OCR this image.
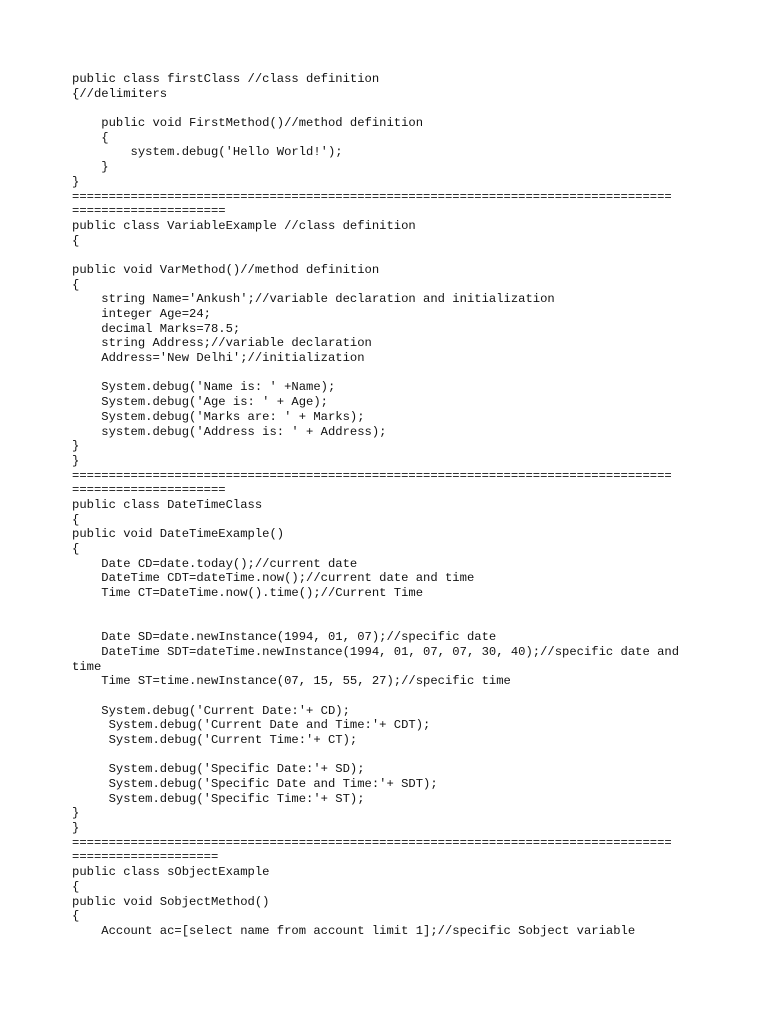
public class firstClass //class definition
{//delimiters
public void FirstMethod()//method definition
{
system.debug('Hello World!');
}
}
==================================================================================
=====================
public class VariableExample //class definition
{
public void VarMethod()//method definition
{
string Name='Ankush';//variable declaration and initialization
integer Age=24;
decimal Marks=78.5;
string Address;//variable declaration
Address='New Delhi';//initialization
System.debug('Name is: ' +Name);
System.debug('Age is: ' + Age);
System.debug('Marks are: ' + Marks);
system.debug('Address is: ' + Address);
}
}
==================================================================================
=====================
public class DateTimeClass
{
public void DateTimeExample()
{
Date CD=date.today();//current date
DateTime CDT=dateTime.now();//current date and time
Time CT=DateTime.now().time();//Current Time
Date SD=date.newInstance(1994, 01, 07);//specific date
DateTime SDT=dateTime.newInstance(1994, 01, 07, 07, 30, 40);//specific date and
time
Time ST=time.newInstance(07, 15, 55, 27);//specific time
System.debug('Current Date:'+ CD);
System.debug('Current Date and Time:'+ CDT);
System.debug('Current Time:'+ CT);
System.debug('Specific Date:'+ SD);
System.debug('Specific Date and Time:'+ SDT);
System.debug('Specific Time:'+ ST);
}
}
==================================================================================
====================
public class sObjectExample
{
public void SobjectMethod()
{
Account ac=[select name from account limit 1];//specific Sobject variable
